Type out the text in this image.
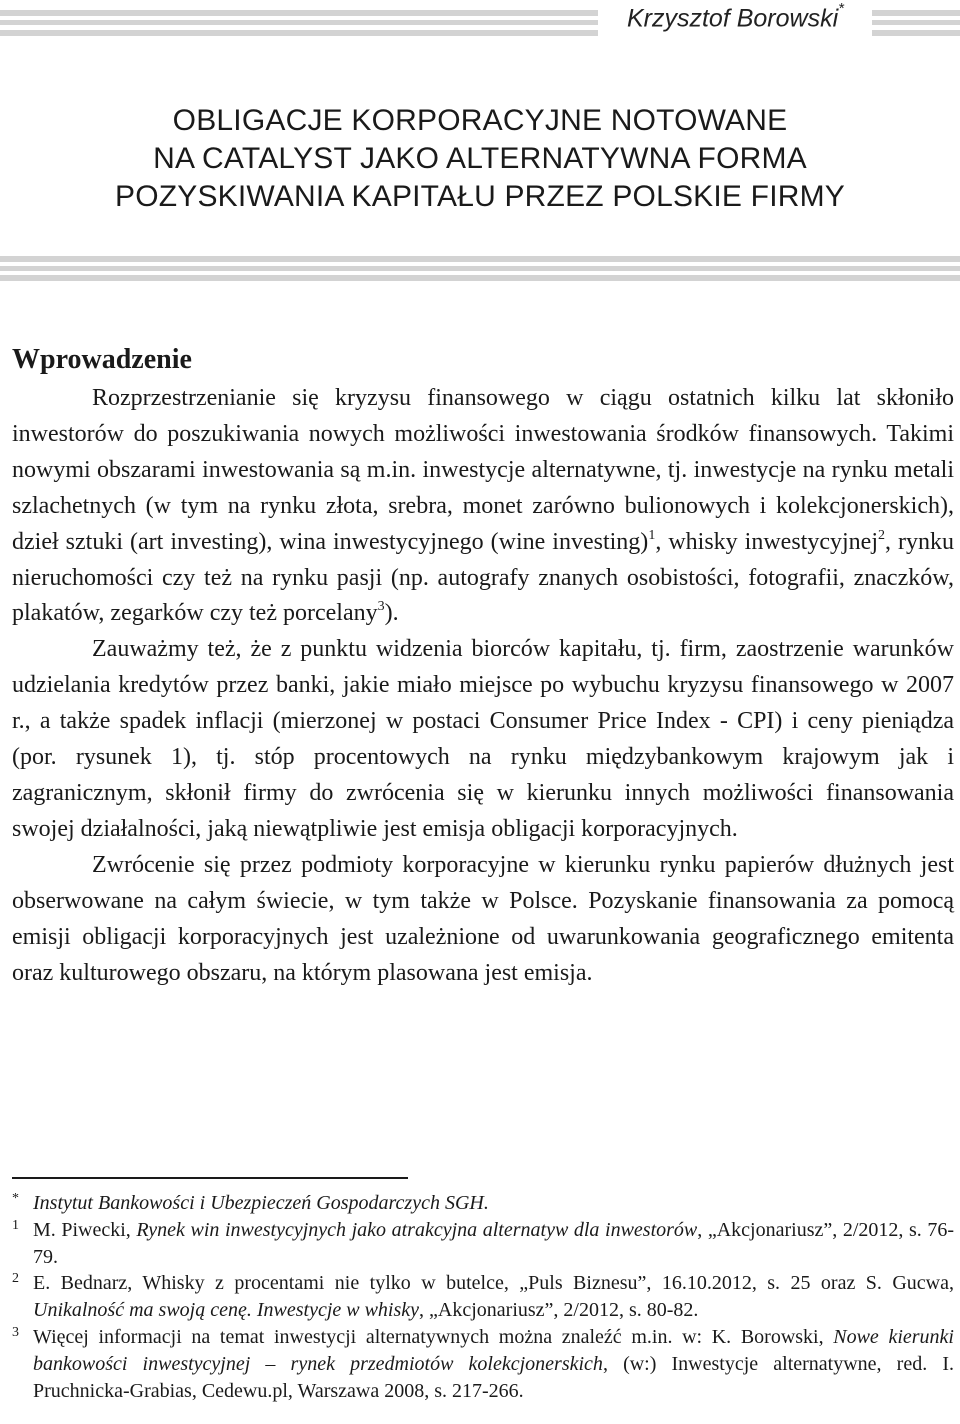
Krzysztof Borowski*
OBLIGACJE KORPORACYJNE NOTOWANE
NA CATALYST JAKO ALTERNATYWNA FORMA
POZYSKIWANIA KAPITAŁU PRZEZ POLSKIE FIRMY
Wprowadzenie

Rozprzestrzenianie się kryzysu finansowego w ciągu ostatnich kilku lat skłoniło inwestorów do poszukiwania nowych możliwości inwestowania środków finansowych. Takimi nowymi obszarami inwestowania są m.in. inwestycje alternatywne, tj. inwestycje na rynku metali szlachetnych (w tym na rynku złota, srebra, monet zarówno bulionowych i kolekcjonerskich), dzieł sztuki (art investing), wina inwestycyjnego (wine investing)$^1$, whisky inwestycyjnej$^2$, rynku nieruchomości czy też na rynku pasji (np. autografy znanych osobistości, fotografii, znaczków, plakatów, zegarków czy też porcelany$^3$).

Zauważmy też, że z punktu widzenia biorców kapitału, tj. firm, zaostrzenie warunków udzielania kredytów przez banki, jakie miało miejsce po wybuchu kryzysu finansowego w 2007 r., a także spadek inflacji (mierzonej w postaci Consumer Price Index - CPI) i ceny pieniądza (por. rysunek 1), tj. stóp procentowych na rynku międzybankowym krajowym jak i zagranicznym, skłonił firmy do zwrócenia się w kierunku innych możliwości finansowania swojej działalności, jaką niewątpliwie jest emisja obligacji korporacyjnych.

Zwrócenie się przez podmioty korporacyjne w kierunku rynku papierów dłużnych jest obserwowane na całym świecie, w tym także w Polsce. Pozyskanie finansowania za pomocą emisji obligacji korporacyjnych jest uzależnione od uwarunkowania geograficznego emitenta oraz kulturowego obszaru, na którym plasowana jest emisja.

* Instytut Bankowości i Ubezpieczeń Gospodarczych SGH.
1 M. Piwecki, Rynek win inwestycyjnych jako atrakcyjna alternatyw dla inwestorów, „Akcjonariusz”, 2/2012, s. 76-79.
2 E. Bednarz, Whisky z procentami nie tylko w butelce, „Puls Biznesu”, 16.10.2012, s. 25 oraz S. Gucwa, Unikalność ma swoją cenę. Inwestycje w whisky, „Akcjonariusz”, 2/2012, s. 80-82.
3 Więcej informacji na temat inwestycji alternatywnych można znaleźć m.in. w: K. Borowski, Nowe kierunki bankowości inwestycyjnej – rynek przedmiotów kolekcjonerskich, (w:) Inwestycje alternatywne, red. I. Pruchnicka-Grabias, Cedewu.pl, Warszawa 2008, s. 217-266.
